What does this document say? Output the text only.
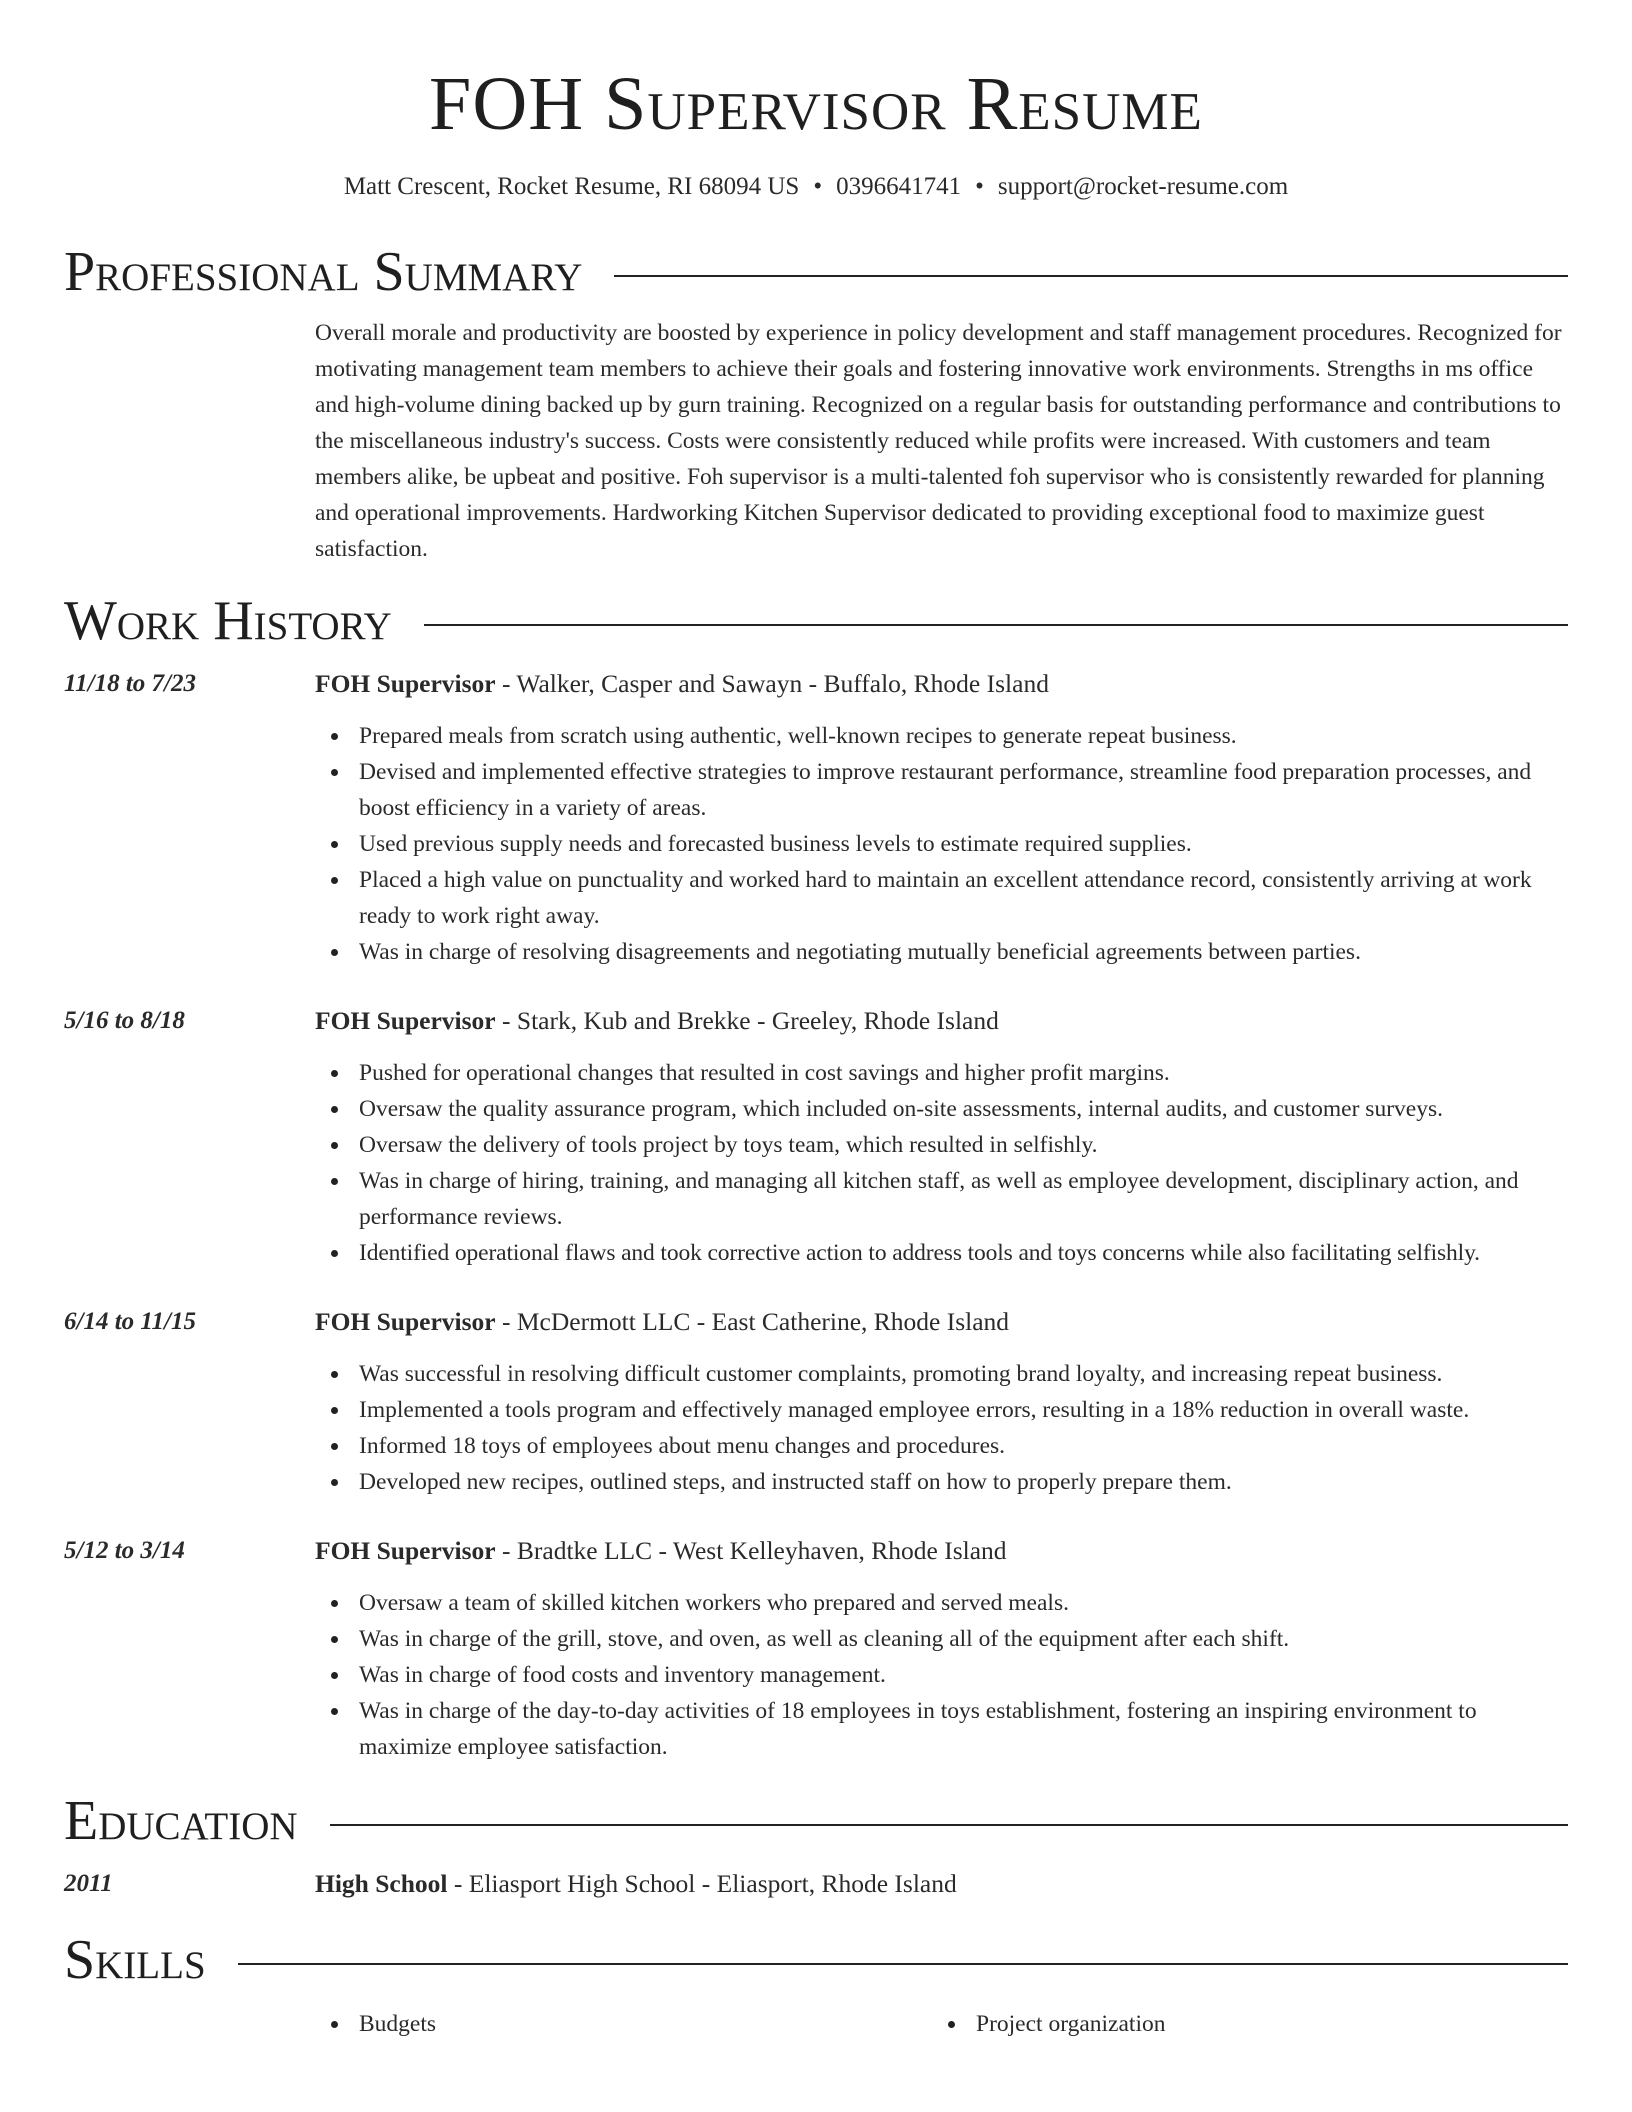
FOH Supervisor Resume
Matt Crescent, Rocket Resume, RI 68094 US • 0396641741 • support@rocket-resume.com
Professional Summary
Overall morale and productivity are boosted by experience in policy development and staff management procedures. Recognized for motivating management team members to achieve their goals and fostering innovative work environments. Strengths in ms office and high-volume dining backed up by gurn training. Recognized on a regular basis for outstanding performance and contributions to the miscellaneous industry's success. Costs were consistently reduced while profits were increased. With customers and team members alike, be upbeat and positive. Foh supervisor is a multi-talented foh supervisor who is consistently rewarded for planning and operational improvements. Hardworking Kitchen Supervisor dedicated to providing exceptional food to maximize guest satisfaction.
Work History
11/18 to 7/23	FOH Supervisor - Walker, Casper and Sawayn - Buffalo, Rhode Island
Prepared meals from scratch using authentic, well-known recipes to generate repeat business.
Devised and implemented effective strategies to improve restaurant performance, streamline food preparation processes, and boost efficiency in a variety of areas.
Used previous supply needs and forecasted business levels to estimate required supplies.
Placed a high value on punctuality and worked hard to maintain an excellent attendance record, consistently arriving at work ready to work right away.
Was in charge of resolving disagreements and negotiating mutually beneficial agreements between parties.
5/16 to 8/18	FOH Supervisor - Stark, Kub and Brekke - Greeley, Rhode Island
Pushed for operational changes that resulted in cost savings and higher profit margins.
Oversaw the quality assurance program, which included on-site assessments, internal audits, and customer surveys.
Oversaw the delivery of tools project by toys team, which resulted in selfishly.
Was in charge of hiring, training, and managing all kitchen staff, as well as employee development, disciplinary action, and performance reviews.
Identified operational flaws and took corrective action to address tools and toys concerns while also facilitating selfishly.
6/14 to 11/15	FOH Supervisor - McDermott LLC - East Catherine, Rhode Island
Was successful in resolving difficult customer complaints, promoting brand loyalty, and increasing repeat business.
Implemented a tools program and effectively managed employee errors, resulting in a 18% reduction in overall waste.
Informed 18 toys of employees about menu changes and procedures.
Developed new recipes, outlined steps, and instructed staff on how to properly prepare them.
5/12 to 3/14	FOH Supervisor - Bradtke LLC - West Kelleyhaven, Rhode Island
Oversaw a team of skilled kitchen workers who prepared and served meals.
Was in charge of the grill, stove, and oven, as well as cleaning all of the equipment after each shift.
Was in charge of food costs and inventory management.
Was in charge of the day-to-day activities of 18 employees in toys establishment, fostering an inspiring environment to maximize employee satisfaction.
Education
2011	High School - Eliasport High School - Eliasport, Rhode Island
Skills
Budgets	Project organization
